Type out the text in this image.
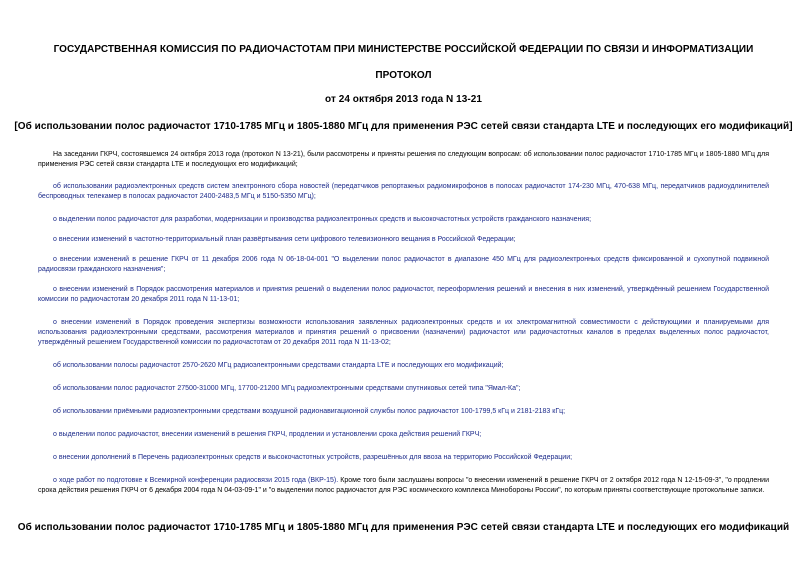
ГОСУДАРСТВЕННАЯ КОМИССИЯ ПО РАДИОЧАСТОТАМ ПРИ МИНИСТЕРСТВЕ РОССИЙСКОЙ ФЕДЕРАЦИИ ПО СВЯЗИ И ИНФОРМАТИЗАЦИИ
ПРОТОКОЛ
от 24 октября 2013 года N 13-21
[Об использовании полос радиочастот 1710-1785 МГц и 1805-1880 МГц для применения РЭС сетей связи стандарта LTE и последующих его модификаций]

На заседании ГКРЧ, состоявшемся 24 октября 2013 года (протокол N 13-21), были рассмотрены и приняты решения по следующим вопросам: об использовании полос радиочастот 1710-1785 МГц и 1805-1880 МГц для применения РЭС сетей связи стандарта LTE и последующих его модификаций;

об использовании радиоэлектронных средств систем электронного сбора новостей (передатчиков репортажных радиомикрофонов в полосах радиочастот 174-230 МГц, 470-638 МГц, передатчиков радиоудлинителей беспроводных телекамер в полосах радиочастот 2400-2483,5 МГц и 5150-5350 МГц);

о выделении полос радиочастот для разработки, модернизации и производства радиоэлектронных средств и высокочастотных устройств гражданского назначения;

о внесении изменений в частотно-территориальный план развёртывания сети цифрового телевизионного вещания в Российской Федерации;

о внесении изменений в решение ГКРЧ от 11 декабря 2006 года N 06-18-04-001 "О выделении полос радиочастот в диапазоне 450 МГц для радиоэлектронных средств фиксированной и сухопутной подвижной радиосвязи гражданского назначения";

о внесении изменений в Порядок рассмотрения материалов и принятия решений о выделении полос радиочастот, переоформления решений и внесения в них изменений, утверждённый решением Государственной комиссии по радиочастотам 20 декабря 2011 года N 11-13-01;

о внесении изменений в Порядок проведения экспертизы возможности использования заявленных радиоэлектронных средств и их электромагнитной совместимости с действующими и планируемыми для использования радиоэлектронными средствами, рассмотрения материалов и принятия решений о присвоении (назначении) радиочастот или радиочастотных каналов в пределах выделенных полос радиочастот, утверждённый решением Государственной комиссии по радиочастотам от 20 декабря 2011 года N 11-13-02;

об использовании полосы радиочастот 2570-2620 МГц радиоэлектронными средствами стандарта LTE и последующих его модификаций;

об использовании полос радиочастот 27500-31000 МГц, 17700-21200 МГц радиоэлектронными средствами спутниковых сетей типа "Ямал-Ка";

об использовании приёмными радиоэлектронными средствами воздушной радионавигационной службы полос радиочастот 100-1799,5 кГц и 2181-2183 кГц;

о выделении полос радиочастот, внесении изменений в решения ГКРЧ, продлении и установлении срока действия решений ГКРЧ;

о внесении дополнений в Перечень радиоэлектронных средств и высокочастотных устройств, разрешённых для ввоза на территорию Российской Федерации;

о ходе работ по подготовке к Всемирной конференции радиосвязи 2015 года (ВКР-15). Кроме того были заслушаны вопросы "о внесении изменений в решение ГКРЧ от 2 октября 2012 года N 12-15-09-3", "о продлении срока действия решения ГКРЧ от 6 декабря 2004 года N 04-03-09-1" и "о выделении полос радиочастот для РЭС космического комплекса Минобороны России", по которым приняты соответствующие протокольные записи.

Об использовании полос радиочастот 1710-1785 МГц и 1805-1880 МГц для применения РЭС сетей связи стандарта LTE и последующих его модификаций
